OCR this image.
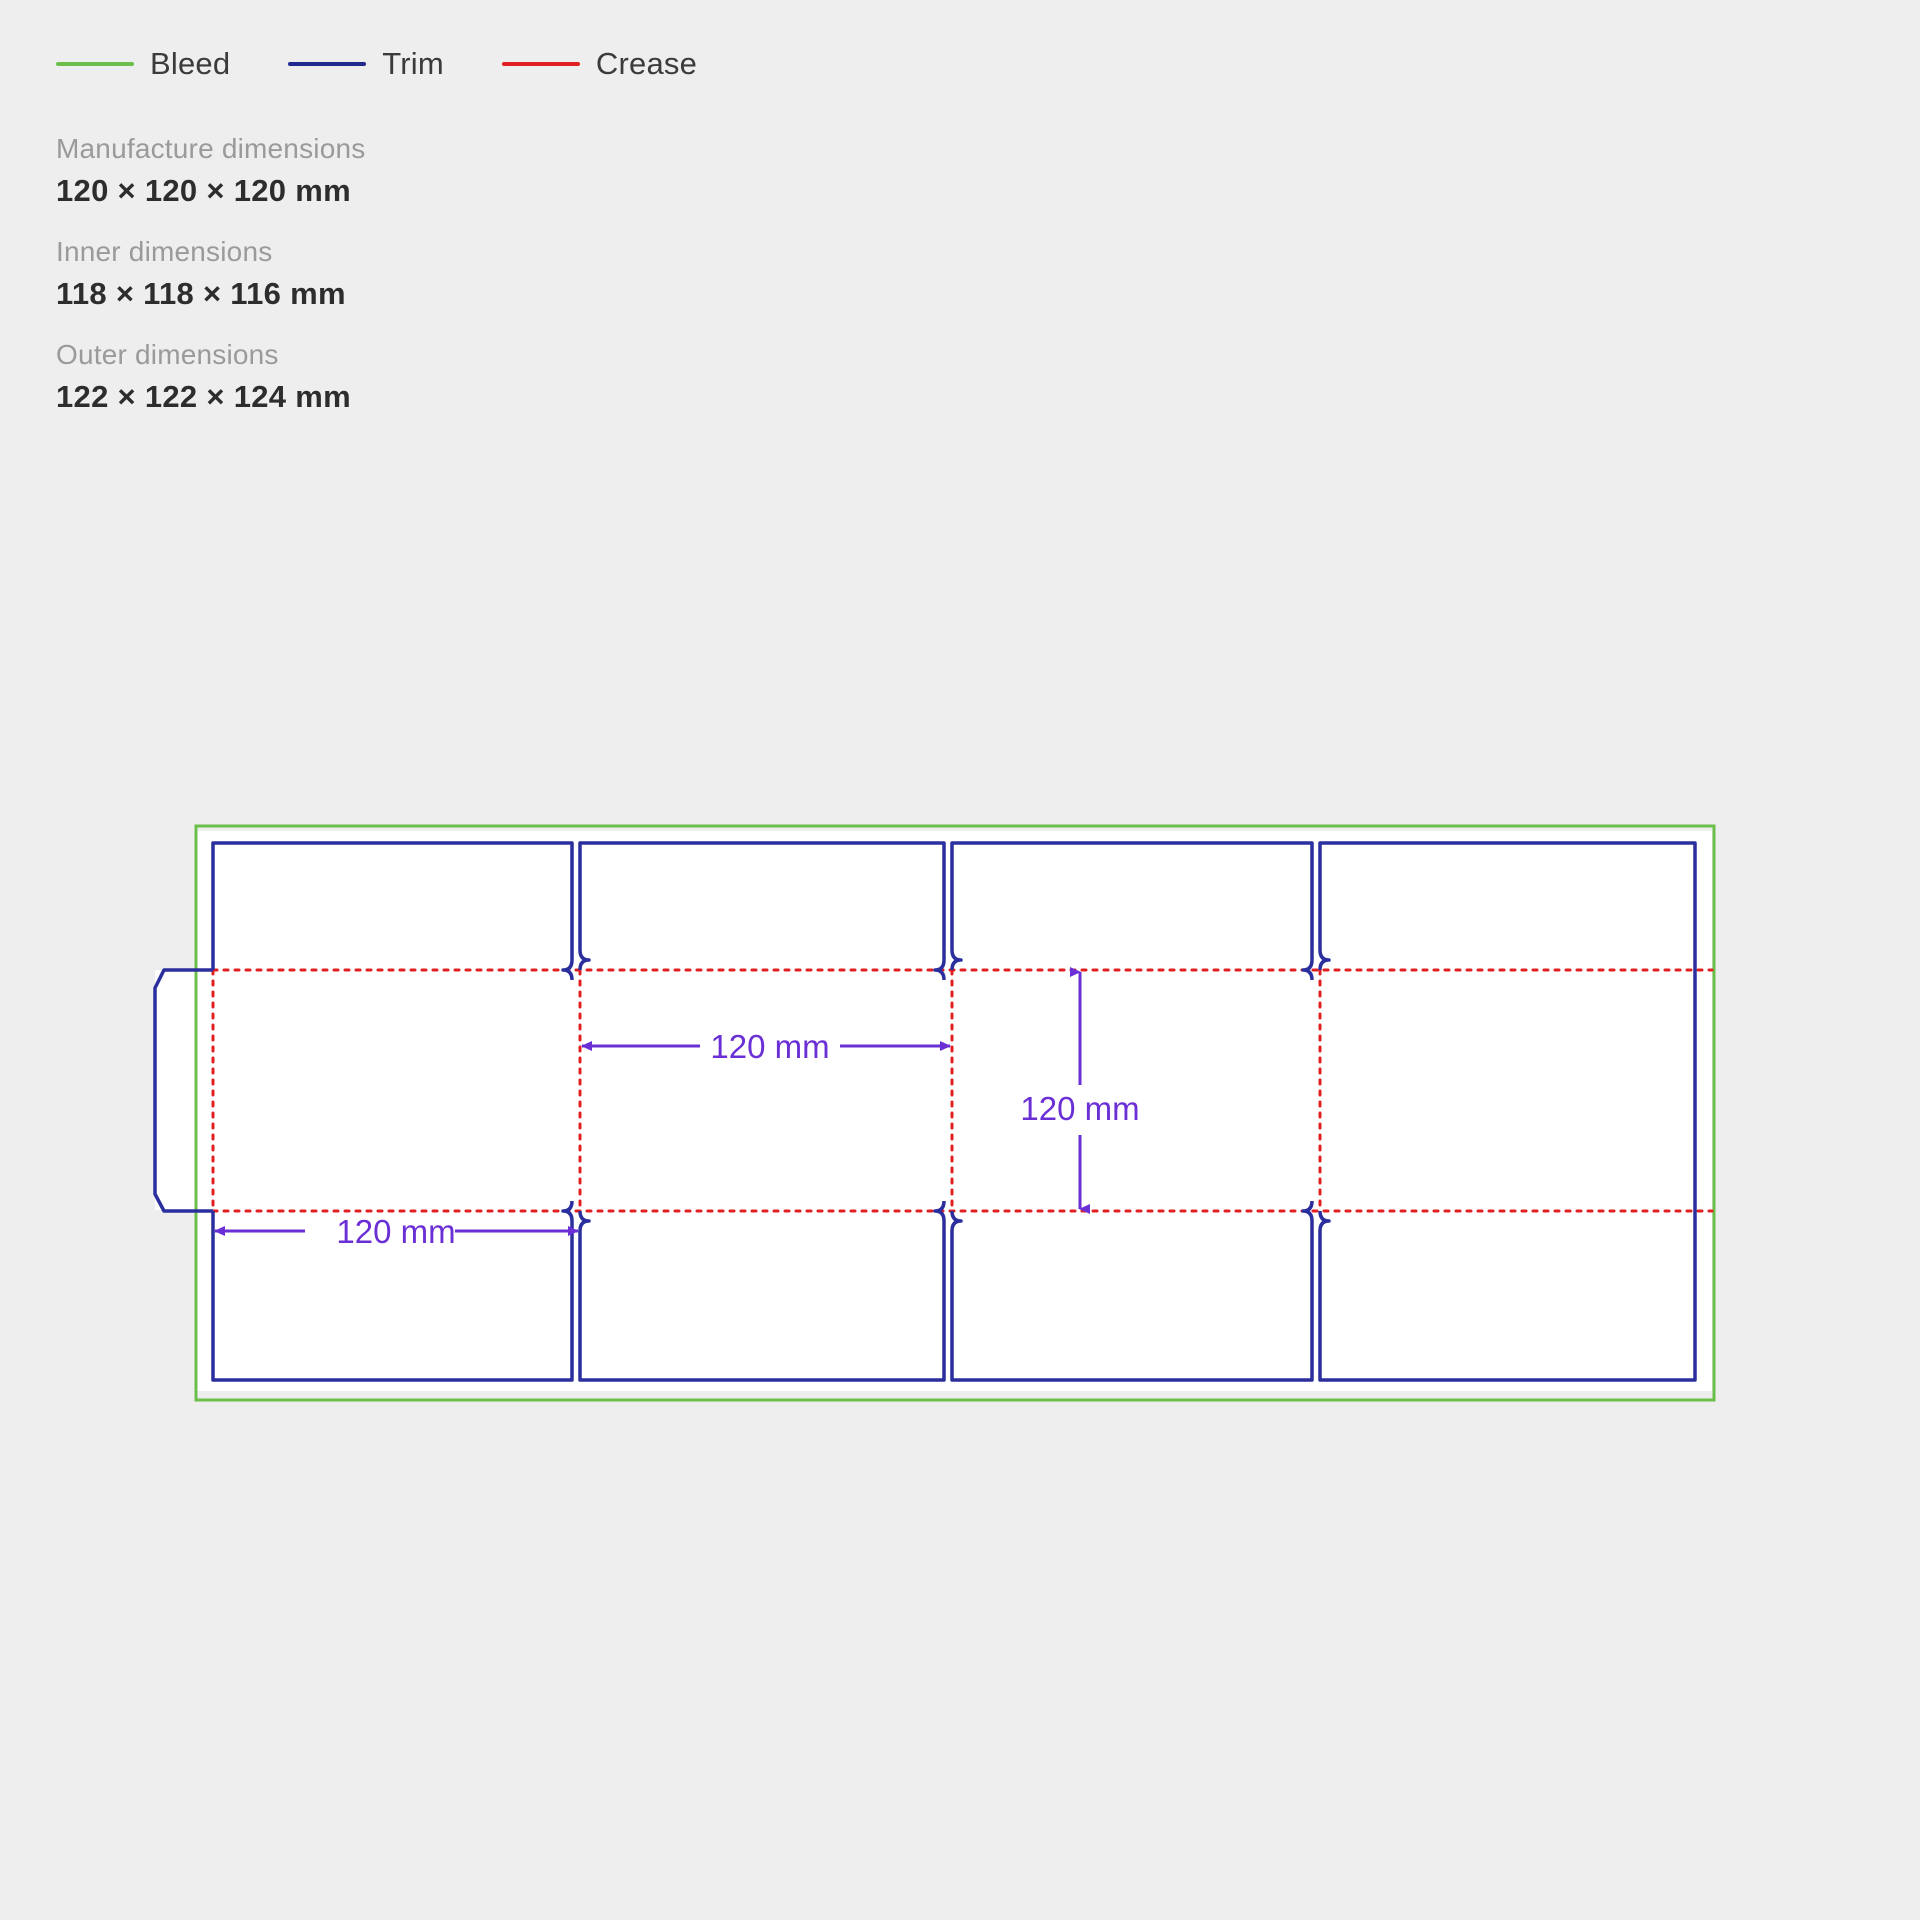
Bleed	Trim	Crease
Manufacture dimensions
120 × 120 × 120 mm
Inner dimensions
118 × 118 × 116 mm
Outer dimensions
122 × 122 × 124 mm
120 mm
120 mm
120 mm
